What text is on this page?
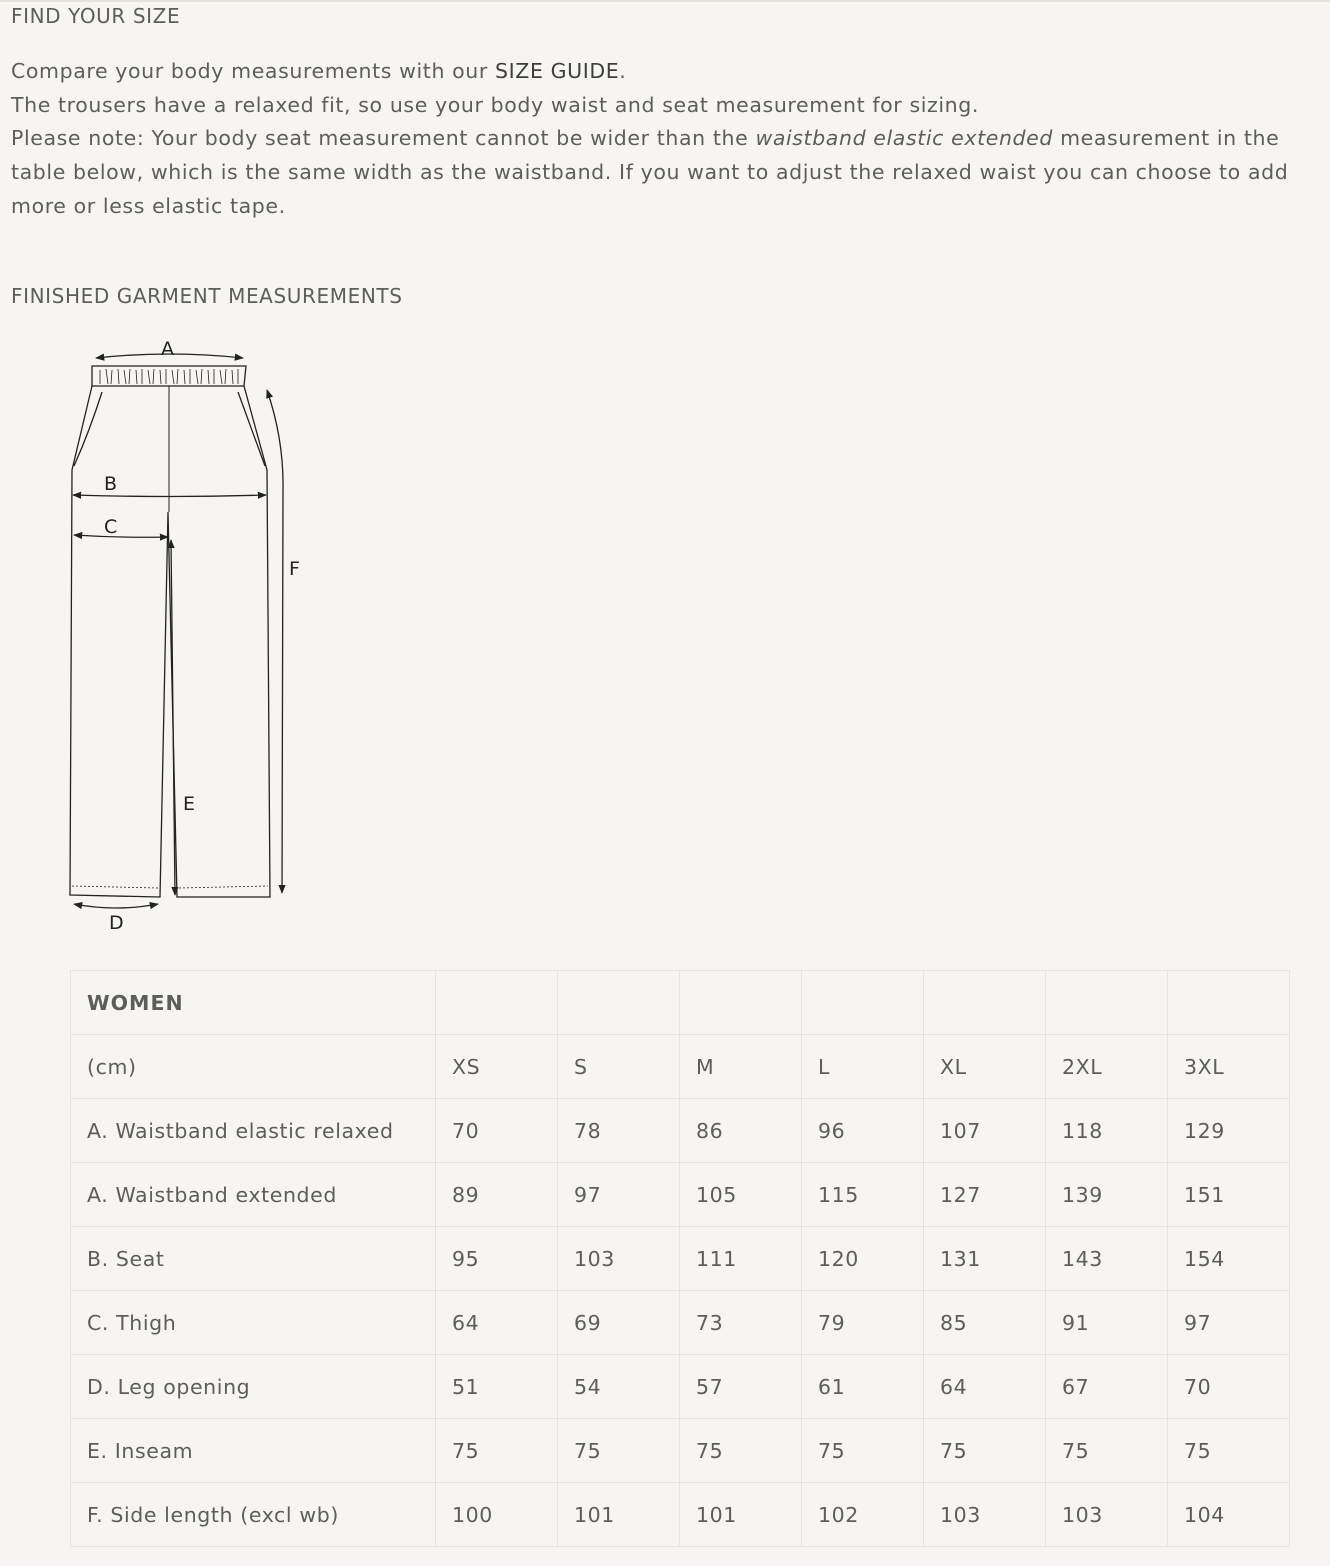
FIND YOUR SIZE

Compare your body measurements with our SIZE GUIDE.

The trousers have a relaxed fit, so use your body waist and seat measurement for sizing.

Please note: Your body seat measurement cannot be wider than the waistband elastic extended measurement in the

table below, which is the same width as the waistband. If you want to adjust the relaxed waist you can choose to add

more or less elastic tape.

FINISHED GARMENT MEASUREMENTS
A
B
C
F
E
D
WOMEN							
(cm)	XS	S	M	L	XL	2XL	3XL
A. Waistband elastic relaxed	70	78	86	96	107	118	129
A. Waistband extended	89	97	105	115	127	139	151
B. Seat	95	103	111	120	131	143	154
C. Thigh	64	69	73	79	85	91	97
D. Leg opening	51	54	57	61	64	67	70
E. Inseam	75	75	75	75	75	75	75
F. Side length (excl wb)	100	101	101	102	103	103	104
